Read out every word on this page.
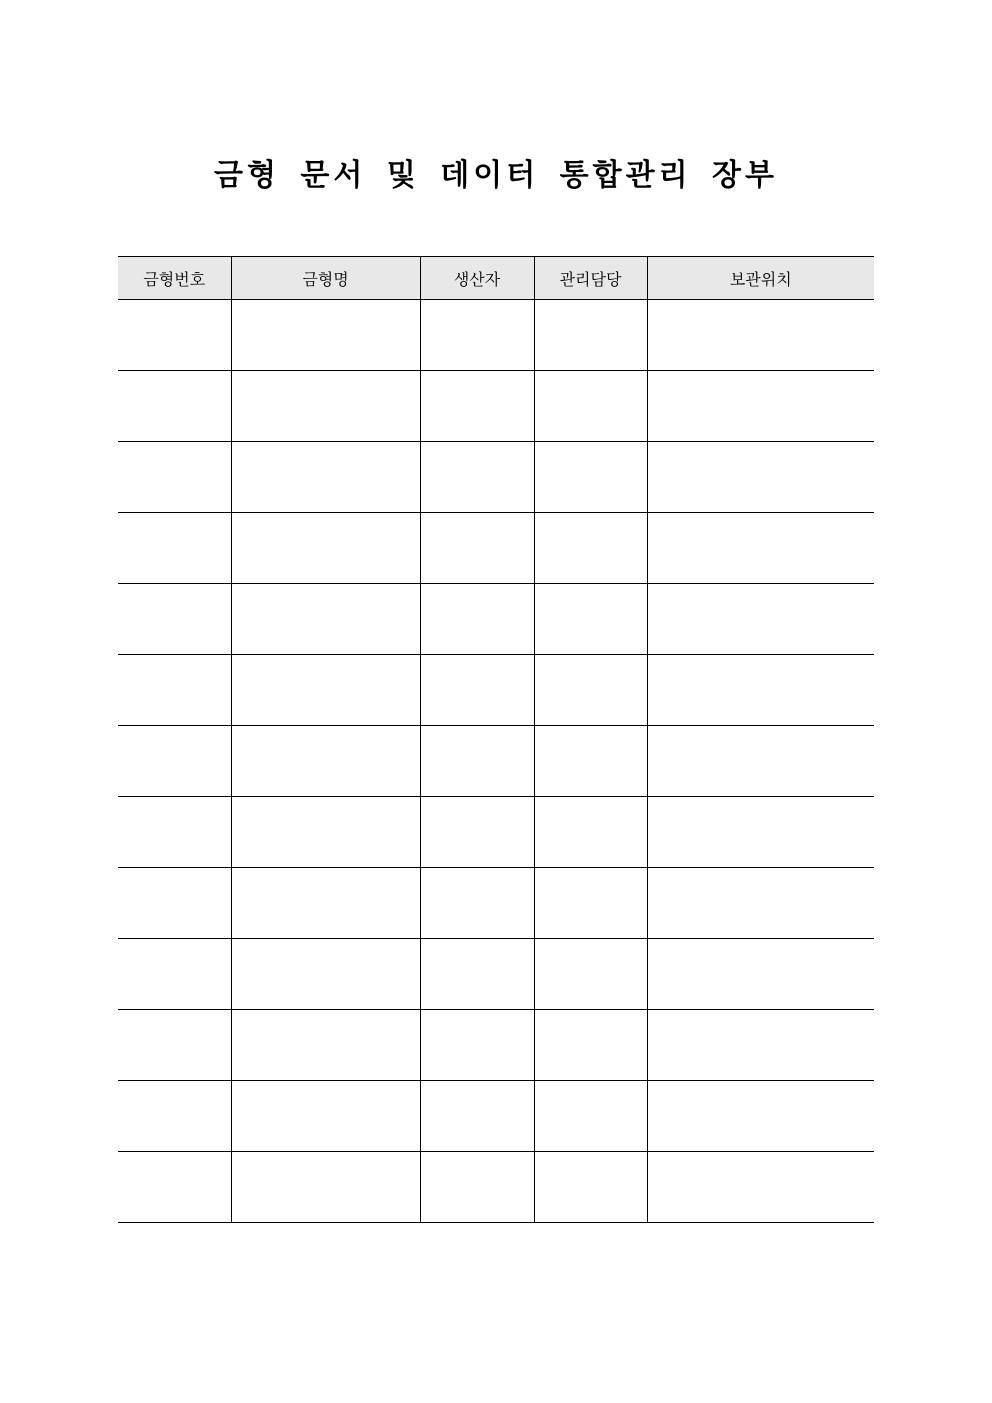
금형 문서 및 데이터 통합관리 장부
금형번호	금형명	생산자	관리담당	보관위치
